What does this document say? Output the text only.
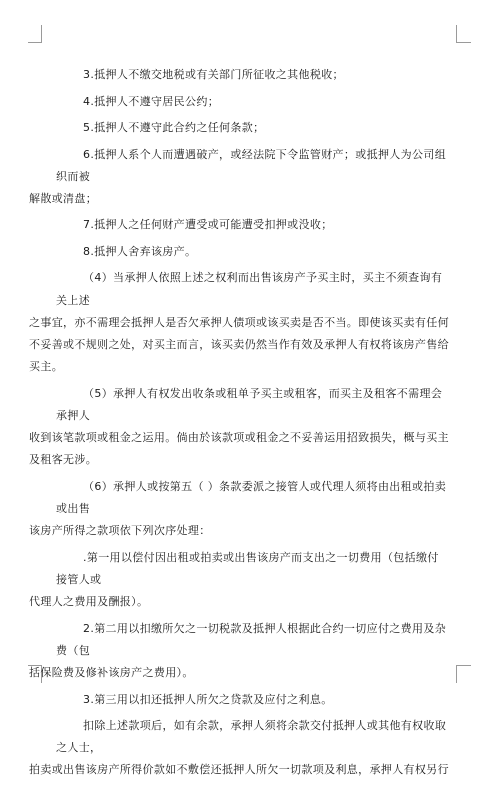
3.抵押人不缴交地税或有关部门所征收之其他税收；

4.抵押人不遵守居民公约；

5.抵押人不遵守此合约之任何条款；

6.抵押人系个人而遭遇破产，或经法院下令监管财产；或抵押人为公司组织而被
解散或清盘；

7.抵押人之任何财产遭受或可能遭受扣押或没收；

8.抵押人舍弃该房产。

（4）当承押人依照上述之权利而出售该房产予买主时，买主不须查询有关上述
之事宜，亦不需理会抵押人是否欠承押人债项或该买卖是否不当。即使该买卖有任何
不妥善或不规则之处，对买主而言，该买卖仍然当作有效及承押人有权将该房产售给
买主。

（5）承押人有权发出收条或租单予买主或租客，而买主及租客不需理会承押人
收到该笔款项或租金之运用。倘由於该款项或租金之不妥善运用招致损失，概与买主
及租客无涉。

（6）承押人或按第五（ ）条款委派之接管人或代理人须将由出租或拍卖或出售
该房产所得之款项依下列次序处理：

.第一用以偿付因出租或拍卖或出售该房产而支出之一切费用（包括缴付接管人或
代理人之费用及酬报）。

2.第二用以扣缴所欠之一切税款及抵押人根据此合约一切应付之费用及杂费（包
括保险费及修补该房产之费用）。

3.第三用以扣还抵押人所欠之贷款及应付之利息。

扣除上述款项后，如有余款，承押人须将余款交付抵押人或其他有权收取之人士，
拍卖或出售该房产所得价款如不敷偿还抵押人所欠一切款项及利息，承押人有权另行
